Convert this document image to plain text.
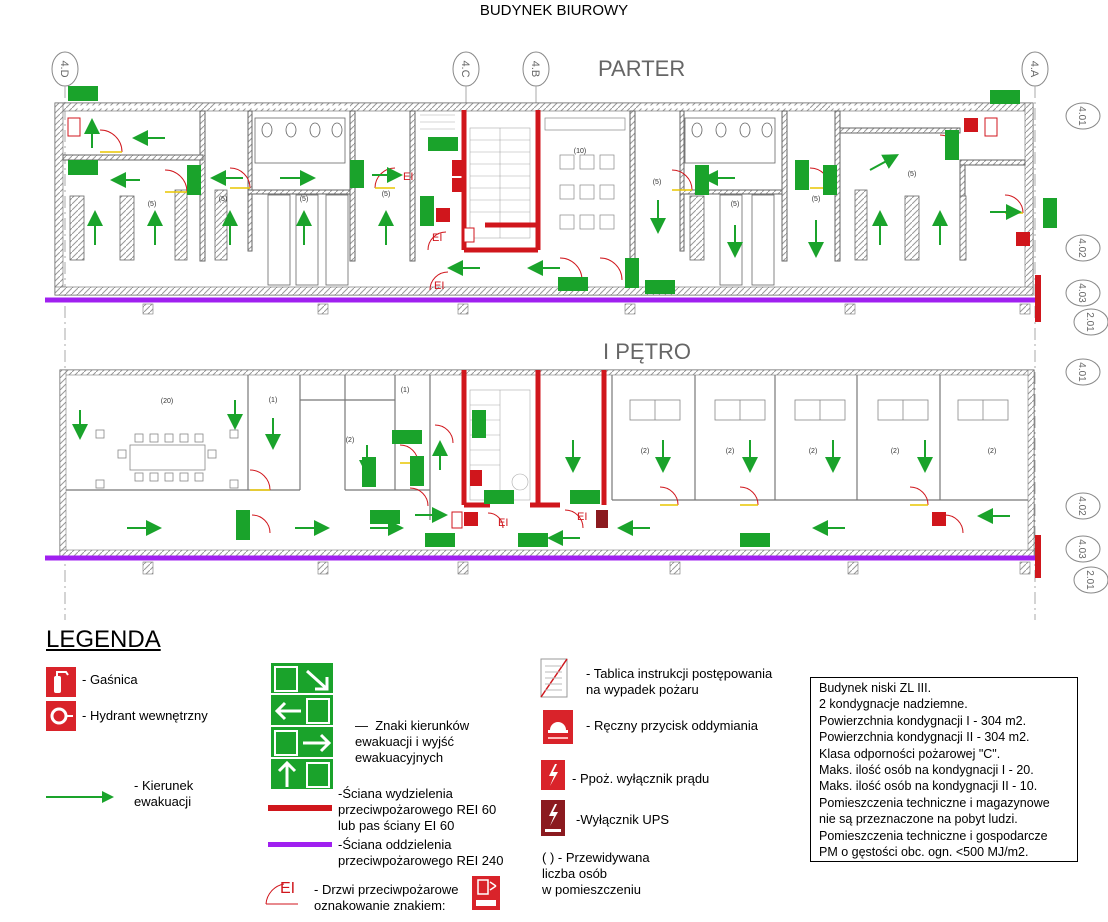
BUDYNEK BIUROWY
4.D	4.C	4.B	4.A
4.01
4.02
4.03
2.01
EI
EI
EI
(5)
(5)	(5)
(5)
(10)
(5)
(5)
(5)
(5)
4.01
4.02
4.03
2.01
EI	EI
(20)	(1)
(1)
(2)
(2)	(2)	(2)	(2)	(2)
PARTER
I PĘTRO
LEGENDA
- Gaśnica
- Hydrant wewnętrzny
- Kierunek
ewakuacji
—  Znaki kierunków
ewakuacji i wyjść
ewakuacyjnych
-Ściana wydzielenia
przeciwpożarowego REI 60
lub pas ściany EI 60
-Ściana oddzielenia
przeciwpożarowego REI 240
EI - Drzwi przeciwpożarowe
oznakowanie znakiem:
- Tablica instrukcji postępowania
na wypadek pożaru
- Ręczny przycisk oddymiania
- Ppoż. wyłącznik prądu
-Wyłącznik UPS
( ) - Przewidywana
liczba osób
w pomieszczeniu
Budynek niski ZL III.
2 kondygnacje nadziemne.
Powierzchnia kondygnacji I - 304 m2.
Powierzchnia kondygnacji II - 304 m2.
Klasa odporności pożarowej "C".
Maks. ilość osób na kondygnacji I - 20.
Maks. ilość osób na kondygnacji II - 10.
Pomieszczenia techniczne i magazynowe
nie są przeznaczone na pobyt ludzi.
Pomieszczenia techniczne i gospodarcze
PM o gęstości obc. ogn. <500 MJ/m2.
